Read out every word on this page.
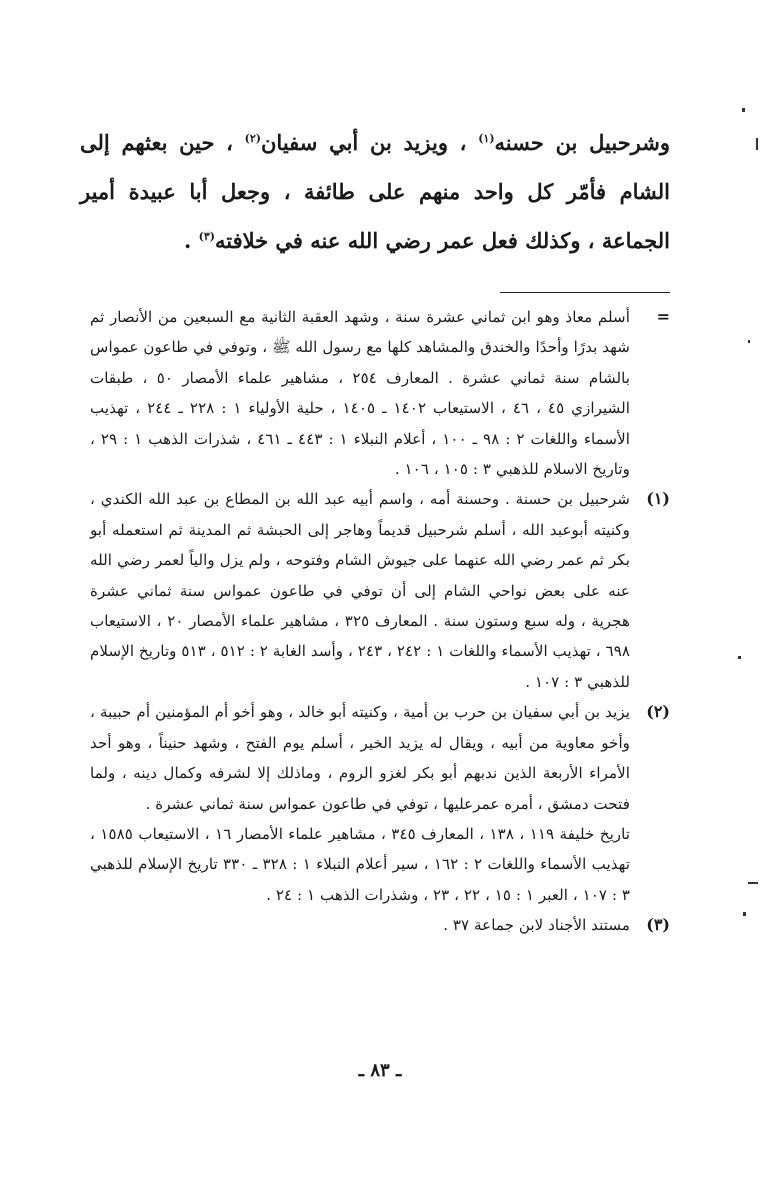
وشرحبيل بن حسنه$^{(١)}$ ، ويزيد بن أبي سفيان$^{(٢)}$ ، حين بعثهم إلى الشام فأمّر كل واحد منهم على طائفة ، وجعل أبا عبيدة أمير الجماعة ، وكذلك فعل عمر رضي الله عنه في خلافته$^{(٣)}$ .

=
أسلم معاذ وهو ابن ثماني عشرة سنة ، وشهد العقبة الثانية مع السبعين من الأنصار ثم شهد بدرًا وأحدًا والخندق والمشاهد كلها مع رسول الله ﷺ ، وتوفي في طاعون عمواس بالشام سنة ثماني عشرة . المعارف ٢٥٤ ، مشاهير علماء الأمصار ٥٠ ، طبقات الشيرازي ٤٥ ، ٤٦ ، الاستيعاب ١٤٠٢ ـ ١٤٠٥ ، حلية الأولياء ١ : ٢٢٨ ـ ٢٤٤ ، تهذيب الأسماء واللغات ٢ : ٩٨ ـ ١٠٠ ، أعلام النبلاء ١ : ٤٤٣ ـ ٤٦١ ، شذرات الذهب ١ : ٢٩ ، وتاريخ الاسلام للذهبي ٣ : ١٠٥ ، ١٠٦ .
(١)
شرحبيل بن حسنة . وحسنة أمه ، واسم أبيه عبد الله بن المطاع بن عبد الله الكندي ، وكنيته أبوعبد الله ، أسلم شرحبيل قديماً وهاجر إلى الحبشة ثم المدينة ثم استعمله أبو بكر ثم عمر رضي الله عنهما على جيوش الشام وفتوحه ، ولم يزل والياً لعمر رضي الله عنه على بعض نواحي الشام إلى أن توفي في طاعون عمواس سنة ثماني عشرة هجرية ، وله سبع وستون سنة . المعارف ٣٢٥ ، مشاهير علماء الأمصار ٢٠ ، الاستيعاب ٦٩٨ ، تهذيب الأسماء واللغات ١ : ٢٤٢ ، ٢٤٣ ، وأسد الغابة ٢ : ٥١٢ ، ٥١٣ وتاريخ الإسلام للذهبي ٣ : ١٠٧ .
(٢)
يزيد بن أبي سفيان بن حرب بن أمية ، وكنيته أبو خالد ، وهو أخو أم المؤمنين أم حبيبة ، وأخو معاوية من أبيه ، ويقال له يزيد الخير ، أسلم يوم الفتح ، وشهد حنيناً ، وهو أحد الأمراء الأربعة الذين ندبهم أبو بكر لغزو الروم ، وماذلك إلا لشرفه وكمال دينه ، ولما فتحت دمشق ، أمره عمرعليها ، توفي في طاعون عمواس سنة ثماني عشرة .
تاريخ خليفة ١١٩ ، ١٣٨ ، المعارف ٣٤٥ ، مشاهير علماء الأمصار ١٦ ، الاستيعاب ١٥٨٥ ، تهذيب الأسماء واللغات ٢ : ١٦٢ ، سير أعلام النبلاء ١ : ٣٢٨ ـ ٣٣٠ تاريخ الإسلام للذهبي ٣ : ١٠٧ ، العبر ١ : ١٥ ، ٢٢ ، ٢٣ ، وشذرات الذهب ١ : ٢٤ .
(٣)
مستند الأجناد لابن جماعة ٣٧ .
ـ ٨٣ ـ
